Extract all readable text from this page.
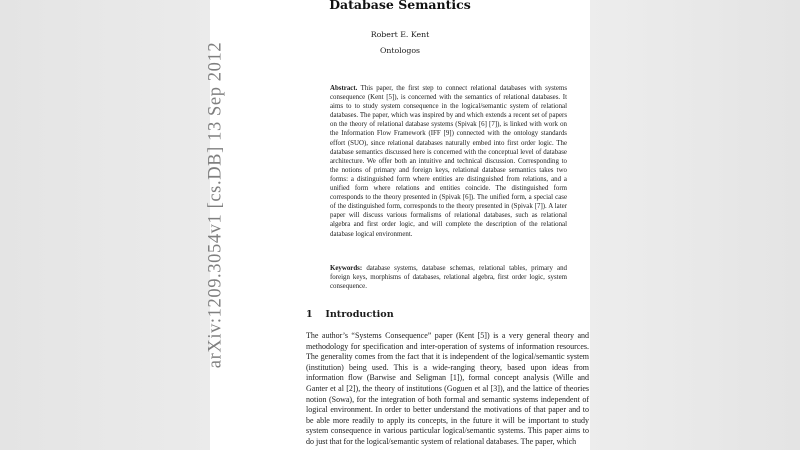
Database Semantics
Robert E. Kent
Ontologos
Abstract. This paper, the first step to connect relational databases with systems consequence (Kent [5]), is concerned with the semantics of relational databases. It aims to to study system consequence in the logical/semantic system of relational databases. The paper, which was inspired by and which extends a recent set of papers on the theory of relational database systems (Spivak [6] [7]), is linked with work on the Information Flow Framework (IFF [9]) connected with the ontology standards effort (SUO), since relational databases naturally embed into first order logic. The database semantics discussed here is concerned with the conceptual level of database architecture. We offer both an intuitive and technical discussion. Corresponding to the notions of primary and foreign keys, relational database semantics takes two forms: a distinguished form where entities are distinguished from relations, and a unified form where relations and entities coincide. The distinguished form corresponds to the theory presented in (Spivak [6]). The unified form, a special case of the distinguished form, corresponds to the theory presented in (Spivak [7]). A later paper will discuss various formalisms of relational databases, such as relational algebra and first order logic, and will complete the description of the relational database logical environment.
Keywords: database systems, database schemas, relational tables, primary and foreign keys, morphisms of databases, relational algebra, first order logic, system consequence.
1 Introduction
The author’s “Systems Consequence” paper (Kent [5]) is a very general theory and methodology for specification and inter-operation of systems of information resources. The generality comes from the fact that it is independent of the logical/semantic system (institution) being used. This is a wide-ranging theory, based upon ideas from information flow (Barwise and Seligman [1]), formal concept analysis (Wille and Ganter et al [2]), the theory of institutions (Goguen et al [3]), and the lattice of theories notion (Sowa), for the integration of both formal and semantic systems independent of logical environment. In order to better understand the motivations of that paper and to be able more readily to apply its concepts, in the future it will be important to study system consequence in various particular logical/semantic systems. This paper aims to do just that for the logical/semantic system of relational databases. The paper, which
arXiv:1209.3054v1 [cs.DB] 13 Sep 2012
